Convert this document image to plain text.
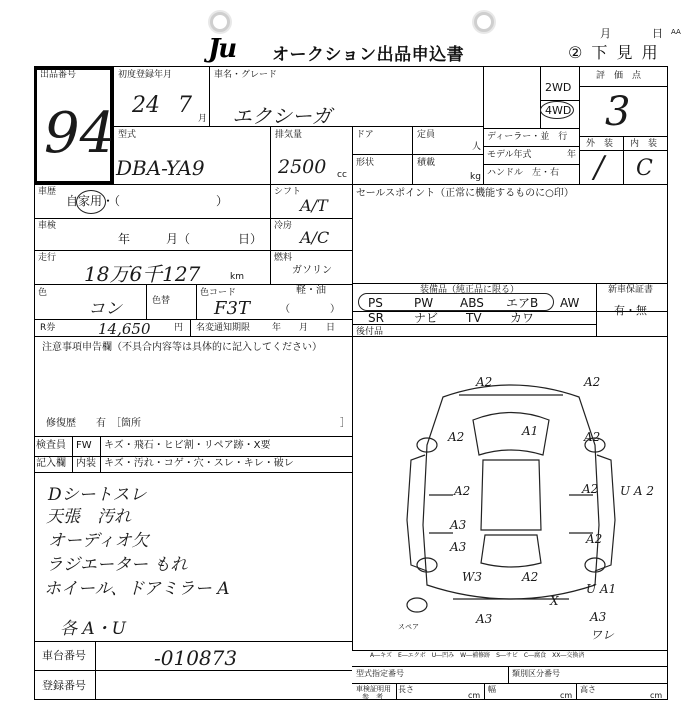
Ju	オークション出品申込書
月	日 AA
② 下 見 用
出品番号
94
初度登録年月
24 7
月
車名・グレード
エクシーガ
2WD
4WD
評　価　点
3
外　装 内　装
/ C
型式
DBA-YA9
排気量
2500 cc
ドア	定員
人
形状	積載
kg
ディーラー・並　行
モデル年式	年
ハンドル　左・右
車歴
自家用・（　　　　　　　　）
シフト
A/T
車検
年　　　月（　　　　日）
冷房
A/C
走行
18万6千127	km
燃料
ガソリン
軽・油
（　　　　）
色
コン	色替
色コード
F3T
R券	14,650	円 名変通知期限 年　　月　　日
セールスポイント（正常に機能するものに○印）
装備品（純正品に限る）	新車保証書
有・無
PS	PW ABS エアB AW
SR	ナビ TV カワ
後付品
注意事項申告欄（不具合内容等は具体的に記入してください）
修復歴　　有　［箇所	］
検査員
記入欄
FW キズ・飛石・ヒビ割・リペア跡・X要
内装 キズ・汚れ・コゲ・穴・スレ・キレ・破レ
Dシートスレ
天張　汚れ
オーディオ欠
ラジエーター もれ
ホイール、ドアミラー A
各 A・U
車台番号	-010873
登録番号
A―キズ　E―エクボ　U―凹み　W―補修跡　S―サビ　C―腐食　XX―交換済
型式指定番号	類別区分番号
車検証明用
参　考
長さ
cm
幅
cm
高さ
cm
スペア
A2	A2
A1
A2	A2
A2	A2
A3
U A 2
A3
A2
W3	A2
U A1
X
A3	A3
ワレ
